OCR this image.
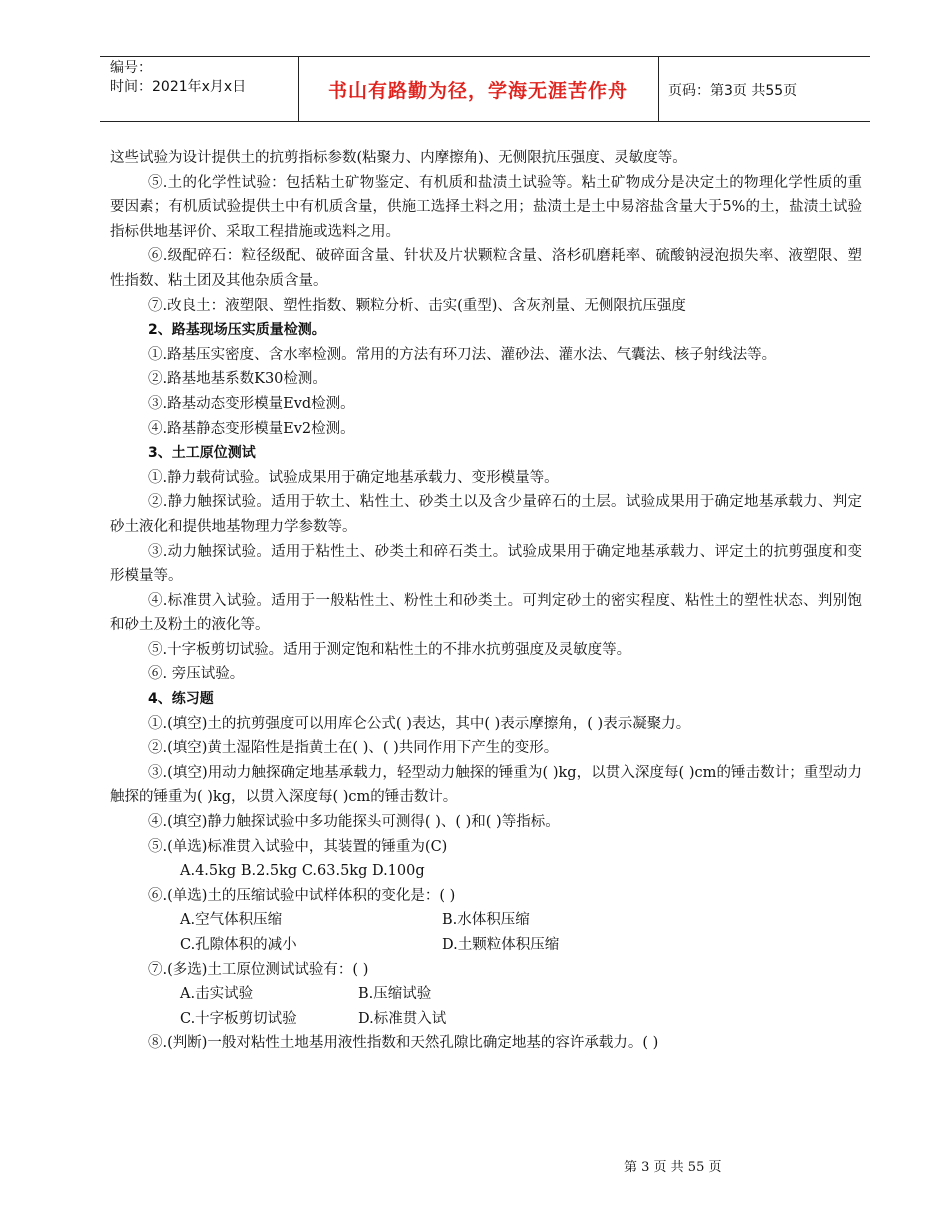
编号：
时间：2021年x月x日	书山有路勤为径，学海无涯苦作舟	页码：第3页 共55页

这些试验为设计提供土的抗剪指标参数(粘聚力、内摩擦角)、无侧限抗压强度、灵敏度等。

⑤.土的化学性试验：包括粘土矿物鉴定、有机质和盐渍土试验等。粘土矿物成分是决定土的物理化学性质的重要因素；有机质试验提供土中有机质含量，供施工选择土料之用；盐渍土是土中易溶盐含量大于5%的土，盐渍土试验指标供地基评价、采取工程措施或选料之用。

⑥.级配碎石：粒径级配、破碎面含量、针状及片状颗粒含量、洛杉矶磨耗率、硫酸钠浸泡损失率、液塑限、塑性指数、粘土团及其他杂质含量。

⑦.改良土：液塑限、塑性指数、颗粒分析、击实(重型)、含灰剂量、无侧限抗压强度

2、路基现场压实质量检测。

①.路基压实密度、含水率检测。常用的方法有环刀法、灌砂法、灌水法、气囊法、核子射线法等。

②.路基地基系数K30检测。

③.路基动态变形模量Evd检测。

④.路基静态变形模量Ev2检测。

3、土工原位测试

①.静力载荷试验。试验成果用于确定地基承载力、变形模量等。

②.静力触探试验。适用于软土、粘性土、砂类土以及含少量碎石的土层。试验成果用于确定地基承载力、判定砂土液化和提供地基物理力学参数等。

③.动力触探试验。适用于粘性土、砂类土和碎石类土。试验成果用于确定地基承载力、评定土的抗剪强度和变形模量等。

④.标准贯入试验。适用于一般粘性土、粉性土和砂类土。可判定砂土的密实程度、粘性土的塑性状态、判别饱和砂土及粉土的液化等。

⑤.十字板剪切试验。适用于测定饱和粘性土的不排水抗剪强度及灵敏度等。

⑥. 旁压试验。

4、练习题

①.(填空)土的抗剪强度可以用库仑公式( )表达，其中( )表示摩擦角，( )表示凝聚力。

②.(填空)黄土湿陷性是指黄土在( )、( )共同作用下产生的变形。

③.(填空)用动力触探确定地基承载力，轻型动力触探的锤重为( )kg，以贯入深度每( )cm的锤击数计；重型动力触探的锤重为( )kg，以贯入深度每( )cm的锤击数计。

④.(填空)静力触探试验中多功能探头可测得( )、( )和( )等指标。

⑤.(单选)标准贯入试验中，其装置的锤重为(C)

A.4.5kg B.2.5kg C.63.5kg D.100g

⑥.(单选)土的压缩试验中试样体积的变化是：( )

A.空气体积压缩	B.水体积压缩

C.孔隙体积的减小	D.土颗粒体积压缩

⑦.(多选)土工原位测试试验有：( )

A.击实试验	B.压缩试验

C.十字板剪切试验	D.标准贯入试

⑧.(判断)一般对粘性土地基用液性指数和天然孔隙比确定地基的容许承载力。( )

第 3 页 共 55 页
